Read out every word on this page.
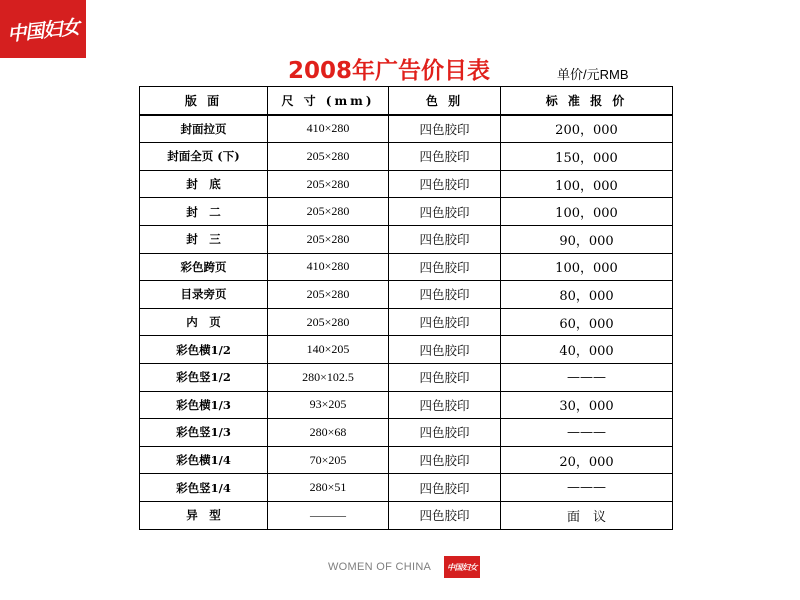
中国妇女
2008年广告价目表	单价/元RMB
版 面	尺 寸 (mm)	色 别	标 准 报 价
封面拉页	410×280	四色胶印	200，000
封面全页 (下)	205×280	四色胶印	150，000
封　底	205×280	四色胶印	100，000
封　二	205×280	四色胶印	100，000
封　三	205×280	四色胶印	90，000
彩色跨页	410×280	四色胶印	100，000
目录旁页	205×280	四色胶印	80，000
内　页	205×280	四色胶印	60，000
彩色横1/2	140×205	四色胶印	40，000
彩色竖1/2	280×102.5	四色胶印	———
彩色横1/3	93×205	四色胶印	30，000
彩色竖1/3	280×68	四色胶印	———
彩色横1/4	70×205	四色胶印	20，000
彩色竖1/4	280×51	四色胶印	———
异　型	———	四色胶印	面　议
WOMEN OF CHINA 中国妇女
